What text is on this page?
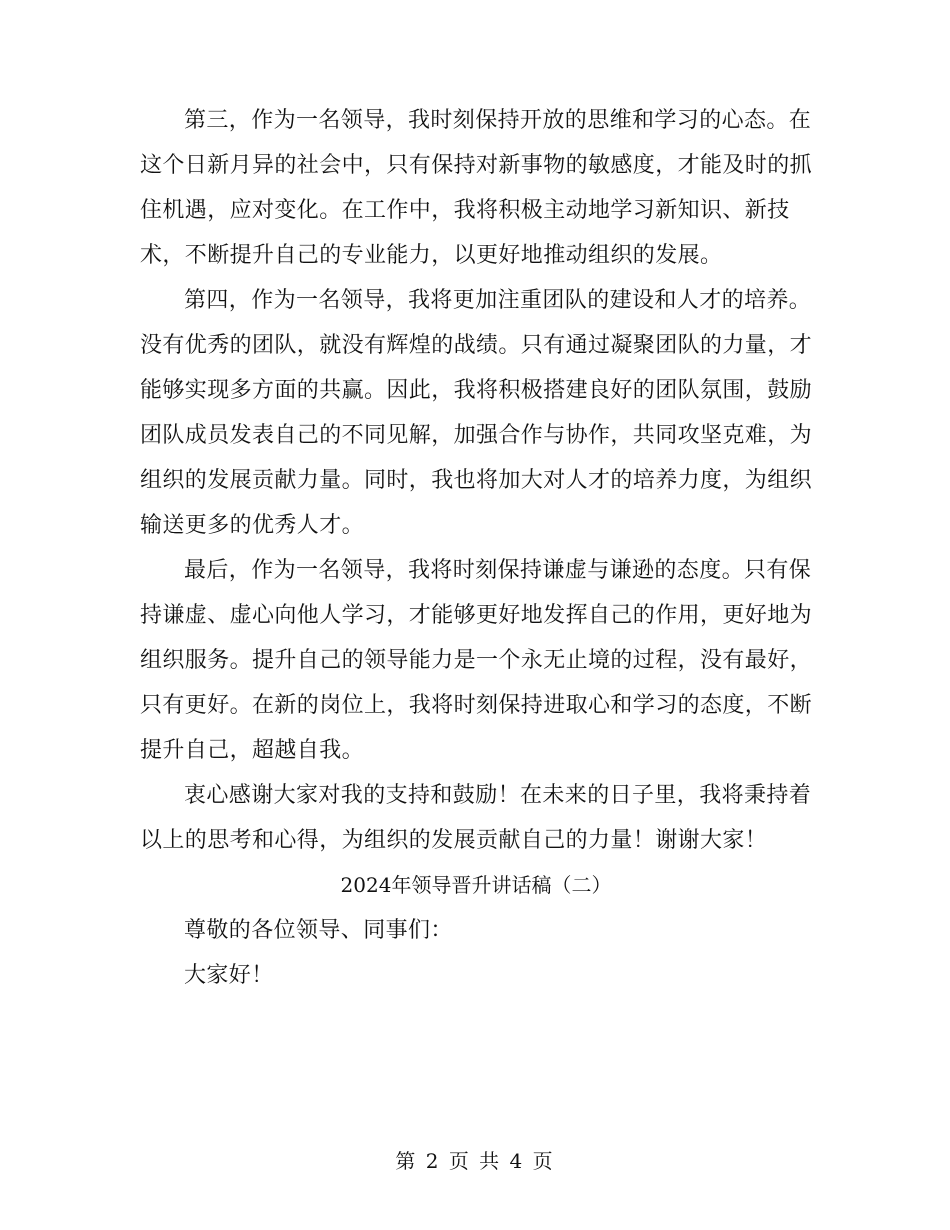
第三，作为一名领导，我时刻保持开放的思维和学习的心态。在
这个日新月异的社会中，只有保持对新事物的敏感度，才能及时的抓
住机遇，应对变化。在工作中，我将积极主动地学习新知识、新技
术，不断提升自己的专业能力，以更好地推动组织的发展。

第四，作为一名领导，我将更加注重团队的建设和人才的培养。
没有优秀的团队，就没有辉煌的战绩。只有通过凝聚团队的力量，才
能够实现多方面的共赢。因此，我将积极搭建良好的团队氛围，鼓励
团队成员发表自己的不同见解，加强合作与协作，共同攻坚克难，为
组织的发展贡献力量。同时，我也将加大对人才的培养力度，为组织
输送更多的优秀人才。

最后，作为一名领导，我将时刻保持谦虚与谦逊的态度。只有保
持谦虚、虚心向他人学习，才能够更好地发挥自己的作用，更好地为
组织服务。提升自己的领导能力是一个永无止境的过程，没有最好，
只有更好。在新的岗位上，我将时刻保持进取心和学习的态度，不断
提升自己，超越自我。

衷心感谢大家对我的支持和鼓励！在未来的日子里，我将秉持着
以上的思考和心得，为组织的发展贡献自己的力量！谢谢大家！

2024年领导晋升讲话稿（二）

尊敬的各位领导、同事们：

大家好！

第 2 页 共 4 页
